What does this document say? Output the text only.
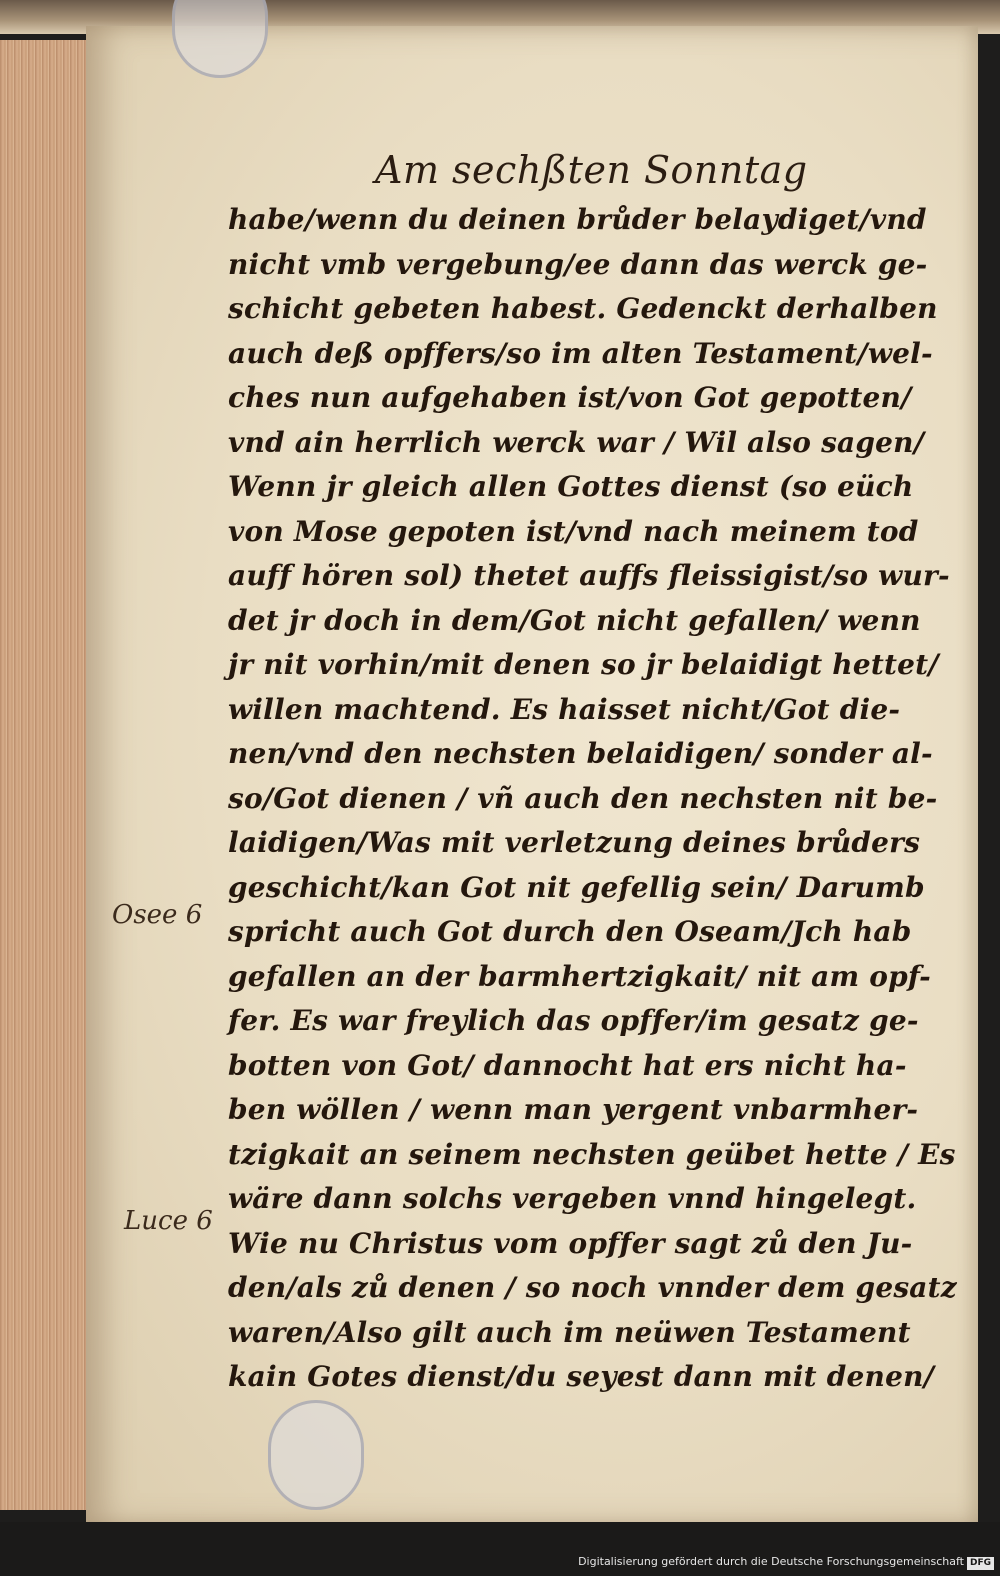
Am sechßten Sonntag
habe/wenn du deinen brůder belaydiget/vnd
nicht vmb vergebung/ee dann das werck ge-
schicht gebeten habest. Gedenckt derhalben
auch deß opffers/so im alten Testament/wel-
ches nun aufgehaben ist/von Got gepotten/
vnd ain herrlich werck war / Wil also sagen/
Wenn jr gleich allen Gottes dienst (so eüch
von Mose gepoten ist/vnd nach meinem tod
auff hören sol) thetet auffs fleissigist/so wur-
det jr doch in dem/Got nicht gefallen/ wenn
jr nit vorhin/mit denen so jr belaidigt hettet/
willen machtend. Es haisset nicht/Got die-
nen/vnd den nechsten belaidigen/ sonder al-
so/Got dienen / vñ auch den nechsten nit be-
laidigen/Was mit verletzung deines brůders
geschicht/kan Got nit gefellig sein/ Darumb
spricht auch Got durch den Oseam/Jch hab
gefallen an der barmhertzigkait/ nit am opf-
fer. Es war freylich das opffer/im gesatz ge-
botten von Got/ dannocht hat ers nicht ha-
ben wöllen / wenn man yergent vnbarmher-
tzigkait an seinem nechsten geübet hette / Es
wäre dann solchs vergeben vnnd hingelegt.
Wie nu Christus vom opffer sagt zů den Ju-
den/als zů denen / so noch vnnder dem gesatz
waren/Also gilt auch im neüwen Testament
kain Gotes dienst/du seyest dann mit denen/
Osee 6
Luce 6
Digitalisierung gefördert durch die Deutsche Forschungsgemeinschaft DFG
